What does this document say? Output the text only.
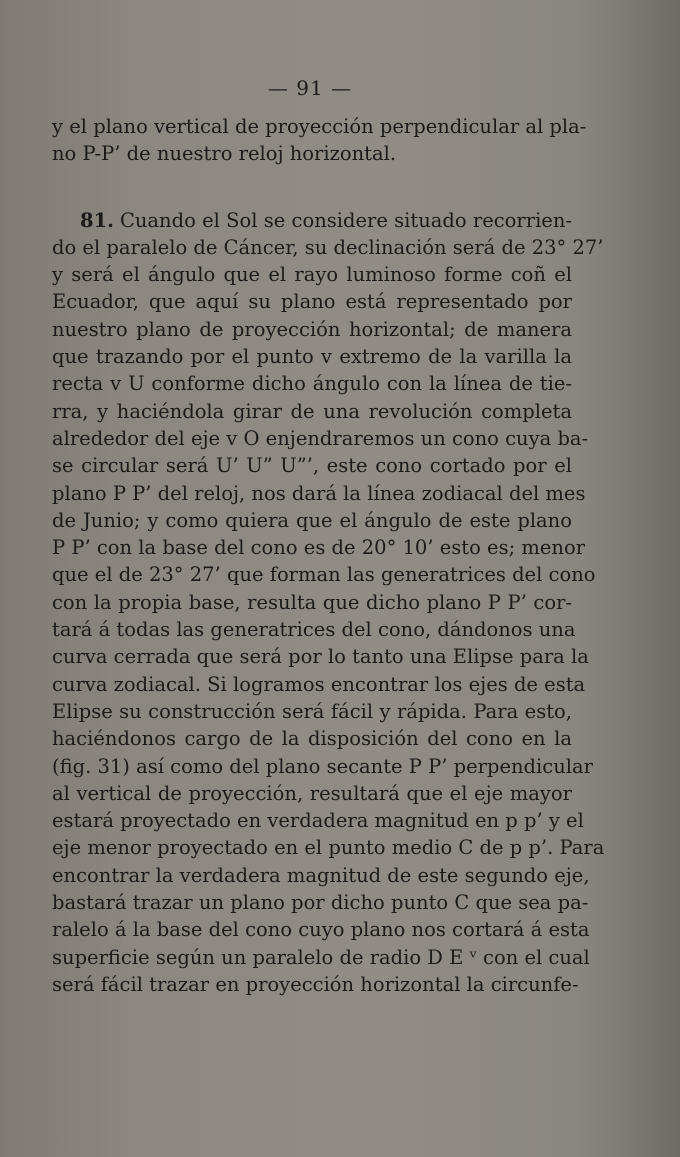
— 91 —
y el plano vertical de proyección perpendicular al pla-
no P-P’ de nuestro reloj horizontal.
81. Cuando el Sol se considere situado recorrien-
do el paralelo de Cáncer, su declinación será de 23° 27’
y será el ángulo que el rayo luminoso forme coñ el
Ecuador, que aquí su plano está representado por
nuestro plano de proyección horizontal; de manera
que trazando por el punto v extremo de la varilla la
recta v U conforme dicho ángulo con la línea de tie-
rra, y haciéndola girar de una revolución completa
alrededor del eje v O enjendraremos un cono cuya ba-
se circular será U’ U” U”’, este cono cortado por el
plano P P’ del reloj, nos dará la línea zodiacal del mes
de Junio; y como quiera que el ángulo de este plano
P P’ con la base del cono es de 20° 10’ esto es; menor
que el de 23° 27’ que forman las generatrices del cono
con la propia base, resulta que dicho plano P P’ cor-
tará á todas las generatrices del cono, dándonos una
curva cerrada que será por lo tanto una Elipse para la
curva zodiacal. Si logramos encontrar los ejes de esta
Elipse su construcción será fácil y rápida. Para esto,
haciéndonos cargo de la disposición del cono en la
(fig. 31) así como del plano secante P P’ perpendicular
al vertical de proyección, resultará que el eje mayor
estará proyectado en verdadera magnitud en p p’ y el
eje menor proyectado en el punto medio C de p p’. Para
encontrar la verdadera magnitud de este segundo eje,
bastará trazar un plano por dicho punto C que sea pa-
ralelo á la base del cono cuyo plano nos cortará á esta
superficie según un paralelo de radio D E ᵛ con el cual
será fácil trazar en proyección horizontal la circunfe-
